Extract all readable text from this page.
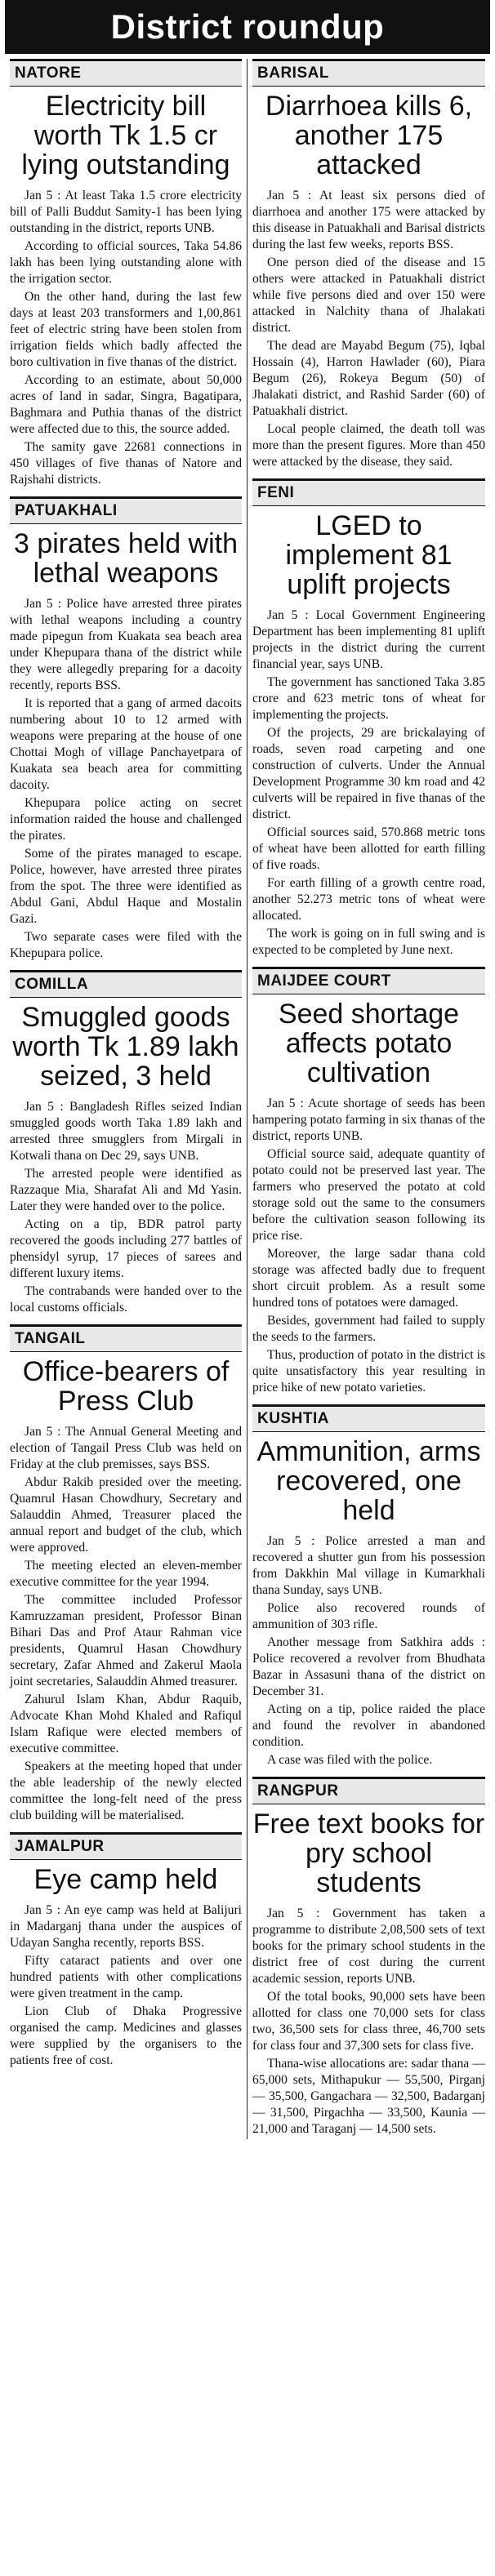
District roundup
NATORE
Electricity bill worth Tk 1.5 cr lying outstanding

Jan 5 : At least Taka 1.5 crore electricity bill of Palli Buddut Samity-1 has been lying outstanding in the district, reports UNB.

According to official sources, Taka 54.86 lakh has been lying outstanding alone with the irrigation sector.

On the other hand, during the last few days at least 203 transformers and 1,00,861 feet of electric string have been stolen from irrigation fields which badly affected the boro cultivation in five thanas of the district.

According to an estimate, about 50,000 acres of land in sadar, Singra, Bagatipara, Baghmara and Puthia thanas of the district were affected due to this, the source added.

The samity gave 22681 connections in 450 villages of five thanas of Natore and Rajshahi districts.

PATUAKHALI
3 pirates held with lethal weapons

Jan 5 : Police have arrested three pirates with lethal weapons including a country made pipegun from Kuakata sea beach area under Khepupara thana of the district while they were allegedly preparing for a dacoity recently, reports BSS.

It is reported that a gang of armed dacoits numbering about 10 to 12 armed with weapons were preparing at the house of one Chottai Mogh of village Panchayetpara of Kuakata sea beach area for committing dacoity.

Khepupara police acting on secret information raided the house and challenged the pirates.

Some of the pirates managed to escape. Police, however, have arrested three pirates from the spot. The three were identified as Abdul Gani, Abdul Haque and Mostalin Gazi.

Two separate cases were filed with the Khepupara police.

COMILLA
Smuggled goods worth Tk 1.89 lakh seized, 3 held

Jan 5 : Bangladesh Rifles seized Indian smuggled goods worth Taka 1.89 lakh and arrested three smugglers from Mirgali in Kotwali thana on Dec 29, says UNB.

The arrested people were identified as Razzaque Mia, Sharafat Ali and Md Yasin. Later they were handed over to the police.

Acting on a tip, BDR patrol party recovered the goods including 277 battles of phensidyl syrup, 17 pieces of sarees and different luxury items.

The contrabands were handed over to the local customs officials.

TANGAIL
Office-bearers of Press Club

Jan 5 : The Annual General Meeting and election of Tangail Press Club was held on Friday at the club premisses, says BSS.

Abdur Rakib presided over the meeting. Quamrul Hasan Chowdhury, Secretary and Salauddin Ahmed, Treasurer placed the annual report and budget of the club, which were approved.

The meeting elected an eleven-member executive committee for the year 1994.

The committee included Professor Kamruzzaman president, Professor Binan Bihari Das and Prof Ataur Rahman vice presidents, Quamrul Hasan Chowdhury secretary, Zafar Ahmed and Zakerul Maola joint secretaries, Salauddin Ahmed treasurer.

Zahurul Islam Khan, Abdur Raquib, Advocate Khan Mohd Khaled and Rafiqul Islam Rafique were elected members of executive committee.

Speakers at the meeting hoped that under the able leadership of the newly elected committee the long-felt need of the press club building will be materialised.

JAMALPUR
Eye camp held

Jan 5 : An eye camp was held at Balijuri in Madarganj thana under the auspices of Udayan Sangha recently, reports BSS.

Fifty cataract patients and over one hundred patients with other complications were given treatment in the camp.

Lion Club of Dhaka Progressive organised the camp. Medicines and glasses were supplied by the organisers to the patients free of cost.

BARISAL
Diarrhoea kills 6, another 175 attacked

Jan 5 : At least six persons died of diarrhoea and another 175 were attacked by this disease in Patuakhali and Barisal districts during the last few weeks, reports BSS.

One person died of the disease and 15 others were attacked in Patuakhali district while five persons died and over 150 were attacked in Nalchity thana of Jhalakati district.

The dead are Mayabd Begum (75), Iqbal Hossain (4), Harron Hawlader (60), Piara Begum (26), Rokeya Begum (50) of Jhalakati district, and Rashid Sarder (60) of Patuakhali district.

Local people claimed, the death toll was more than the present figures. More than 450 were attacked by the disease, they said.

FENI
LGED to implement 81 uplift projects

Jan 5 : Local Government Engineering Department has been implementing 81 uplift projects in the district during the current financial year, says UNB.

The government has sanctioned Taka 3.85 crore and 623 metric tons of wheat for implementing the projects.

Of the projects, 29 are brickalaying of roads, seven road carpeting and one construction of culverts. Under the Annual Development Programme 30 km road and 42 culverts will be repaired in five thanas of the district.

Official sources said, 570.868 metric tons of wheat have been allotted for earth filling of five roads.

For earth filling of a growth centre road, another 52.273 metric tons of wheat were allocated.

The work is going on in full swing and is expected to be completed by June next.

MAIJDEE COURT
Seed shortage affects potato cultivation

Jan 5 : Acute shortage of seeds has been hampering potato farming in six thanas of the district, reports UNB.

Official source said, adequate quantity of potato could not be preserved last year. The farmers who preserved the potato at cold storage sold out the same to the consumers before the cultivation season following its price rise.

Moreover, the large sadar thana cold storage was affected badly due to frequent short circuit problem. As a result some hundred tons of potatoes were damaged.

Besides, government had failed to supply the seeds to the farmers.

Thus, production of potato in the district is quite unsatisfactory this year resulting in price hike of new potato varieties.

KUSHTIA
Ammunition, arms recovered, one held

Jan 5 : Police arrested a man and recovered a shutter gun from his possession from Dakkhin Mal village in Kumarkhali thana Sunday, says UNB.

Police also recovered rounds of ammunition of 303 rifle.

Another message from Satkhira adds : Police recovered a revolver from Bhudhata Bazar in Assasuni thana of the district on December 31.

Acting on a tip, police raided the place and found the revolver in abandoned condition.

A case was filed with the police.

RANGPUR
Free text books for pry school students

Jan 5 : Government has taken a programme to distribute 2,08,500 sets of text books for the primary school students in the district free of cost during the current academic session, reports UNB.

Of the total books, 90,000 sets have been allotted for class one 70,000 sets for class two, 36,500 sets for class three, 46,700 sets for class four and 37,300 sets for class five.

Thana-wise allocations are: sadar thana — 65,000 sets, Mithapukur — 55,500, Pirganj — 35,500, Gangachara — 32,500, Badarganj — 31,500, Pirgachha — 33,500, Kaunia — 21,000 and Taraganj — 14,500 sets.
